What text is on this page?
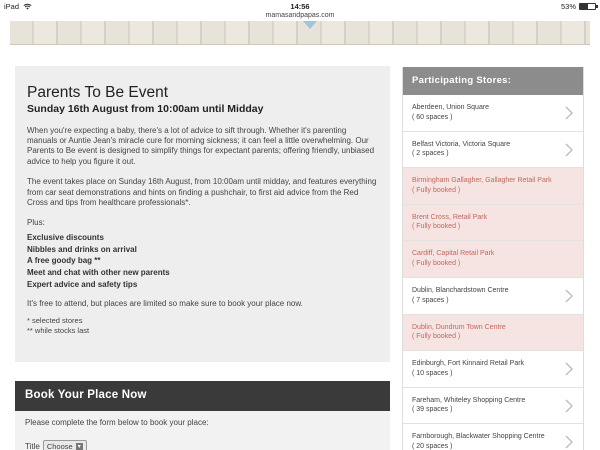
iPad	14:56	53%
mamasandpapas.com
Parents To Be Event
Sunday 16th August from 10:00am until Midday

When you're expecting a baby, there's a lot of advice to sift through. Whether it's parenting manuals or Auntie Jean's miracle cure for morning sickness; it can feel a little overwhelming. Our Parents to Be event is designed to simplify things for expectant parents; offering friendly, unbiased advice to help you figure it out.

The event takes place on Sunday 16th August, from 10:00am until midday, and features everything from car seat demonstrations and hints on finding a pushchair, to first aid advice from the Red Cross and tips from healthcare professionals*.

Plus:

Exclusive discounts
Nibbles and drinks on arrival
A free goody bag **
Meet and chat with other new parents
Expert advice and safety tips

It's free to attend, but places are limited so make sure to book your place now.

* selected stores
** while stocks last
Book Your Place Now
Please complete the form below to book your place:
Title Choose ▾
Participating Stores:
Aberdeen, Union Square
( 60 spaces )
Belfast Victoria, Victoria Square
( 2 spaces )
Birmingham Gallagher, Gallagher Retail Park
( Fully booked )
Brent Cross, Retail Park
( Fully booked )
Cardiff, Capital Retail Park
( Fully booked )
Dublin, Blanchardstown Centre
( 7 spaces )
Dublin, Dundrum Town Centre
( Fully booked )
Edinburgh, Fort Kinnaird Retail Park
( 10 spaces )
Fareham, Whiteley Shopping Centre
( 39 spaces )
Farnborough, Blackwater Shopping Centre
( 20 spaces )
